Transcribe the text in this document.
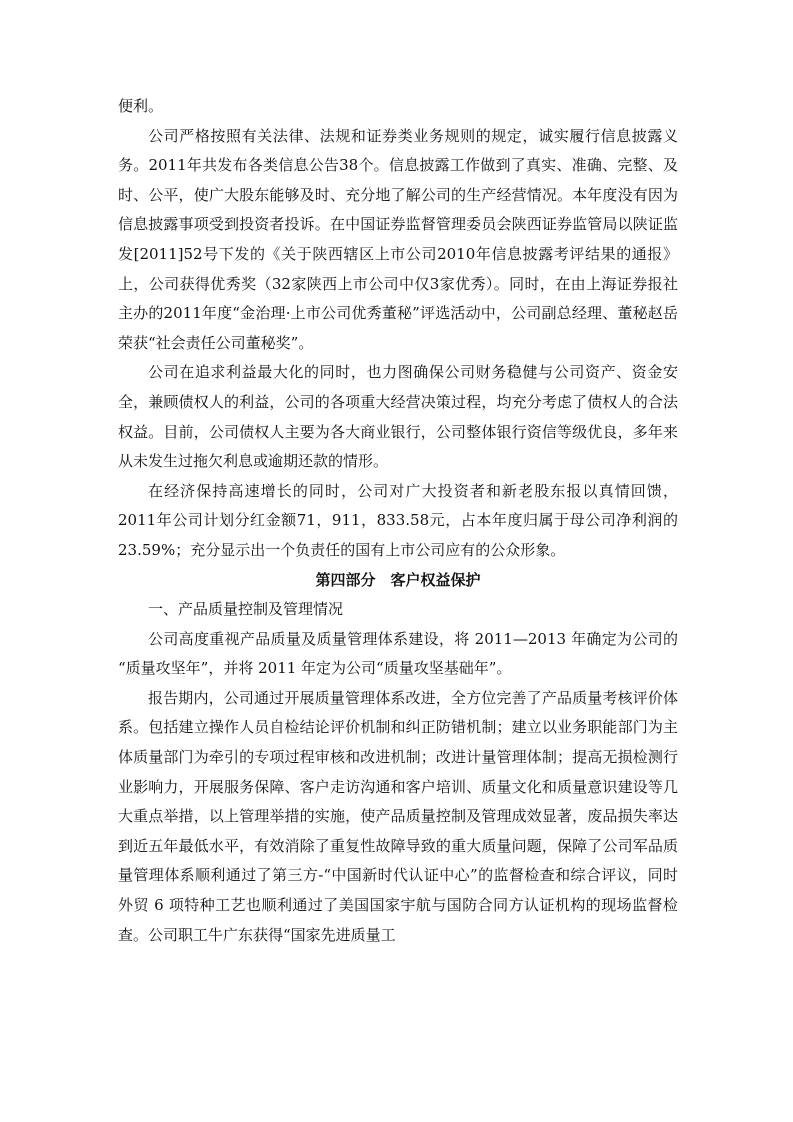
便利。

公司严格按照有关法律、法规和证券类业务规则的规定，诚实履行信息披露义务。2011年共发布各类信息公告38个。信息披露工作做到了真实、准确、完整、及时、公平，使广大股东能够及时、充分地了解公司的生产经营情况。本年度没有因为信息披露事项受到投资者投诉。在中国证券监督管理委员会陕西证券监管局以陕证监发[2011]52号下发的《关于陕西辖区上市公司2010年信息披露考评结果的通报》上，公司获得优秀奖（32家陕西上市公司中仅3家优秀）。同时，在由上海证券报社主办的2011年度“金治理·上市公司优秀董秘”评选活动中，公司副总经理、董秘赵岳荣获“社会责任公司董秘奖”。

公司在追求利益最大化的同时，也力图确保公司财务稳健与公司资产、资金安全，兼顾债权人的利益，公司的各项重大经营决策过程，均充分考虑了债权人的合法权益。目前，公司债权人主要为各大商业银行，公司整体银行资信等级优良，多年来从未发生过拖欠利息或逾期还款的情形。

在经济保持高速增长的同时，公司对广大投资者和新老股东报以真情回馈，2011年公司计划分红金额71，911，833.58元，占本年度归属于母公司净利润的23.59%；充分显示出一个负责任的国有上市公司应有的公众形象。

第四部分　客户权益保护

一、产品质量控制及管理情况

公司高度重视产品质量及质量管理体系建设，将 2011—2013 年确定为公司的 “质量攻坚年”，并将 2011 年定为公司“质量攻坚基础年”。

报告期内，公司通过开展质量管理体系改进，全方位完善了产品质量考核评价体系。包括建立操作人员自检结论评价机制和纠正防错机制；建立以业务职能部门为主体质量部门为牵引的专项过程审核和改进机制；改进计量管理体制；提高无损检测行业影响力，开展服务保障、客户走访沟通和客户培训、质量文化和质量意识建设等几大重点举措，以上管理举措的实施，使产品质量控制及管理成效显著，废品损失率达到近五年最低水平，有效消除了重复性故障导致的重大质量问题，保障了公司军品质量管理体系顺利通过了第三方-“中国新时代认证中心”的监督检查和综合评议，同时外贸 6 项特种工艺也顺利通过了美国国家宇航与国防合同方认证机构的现场监督检查。公司职工牛广东获得“国家先进质量工
